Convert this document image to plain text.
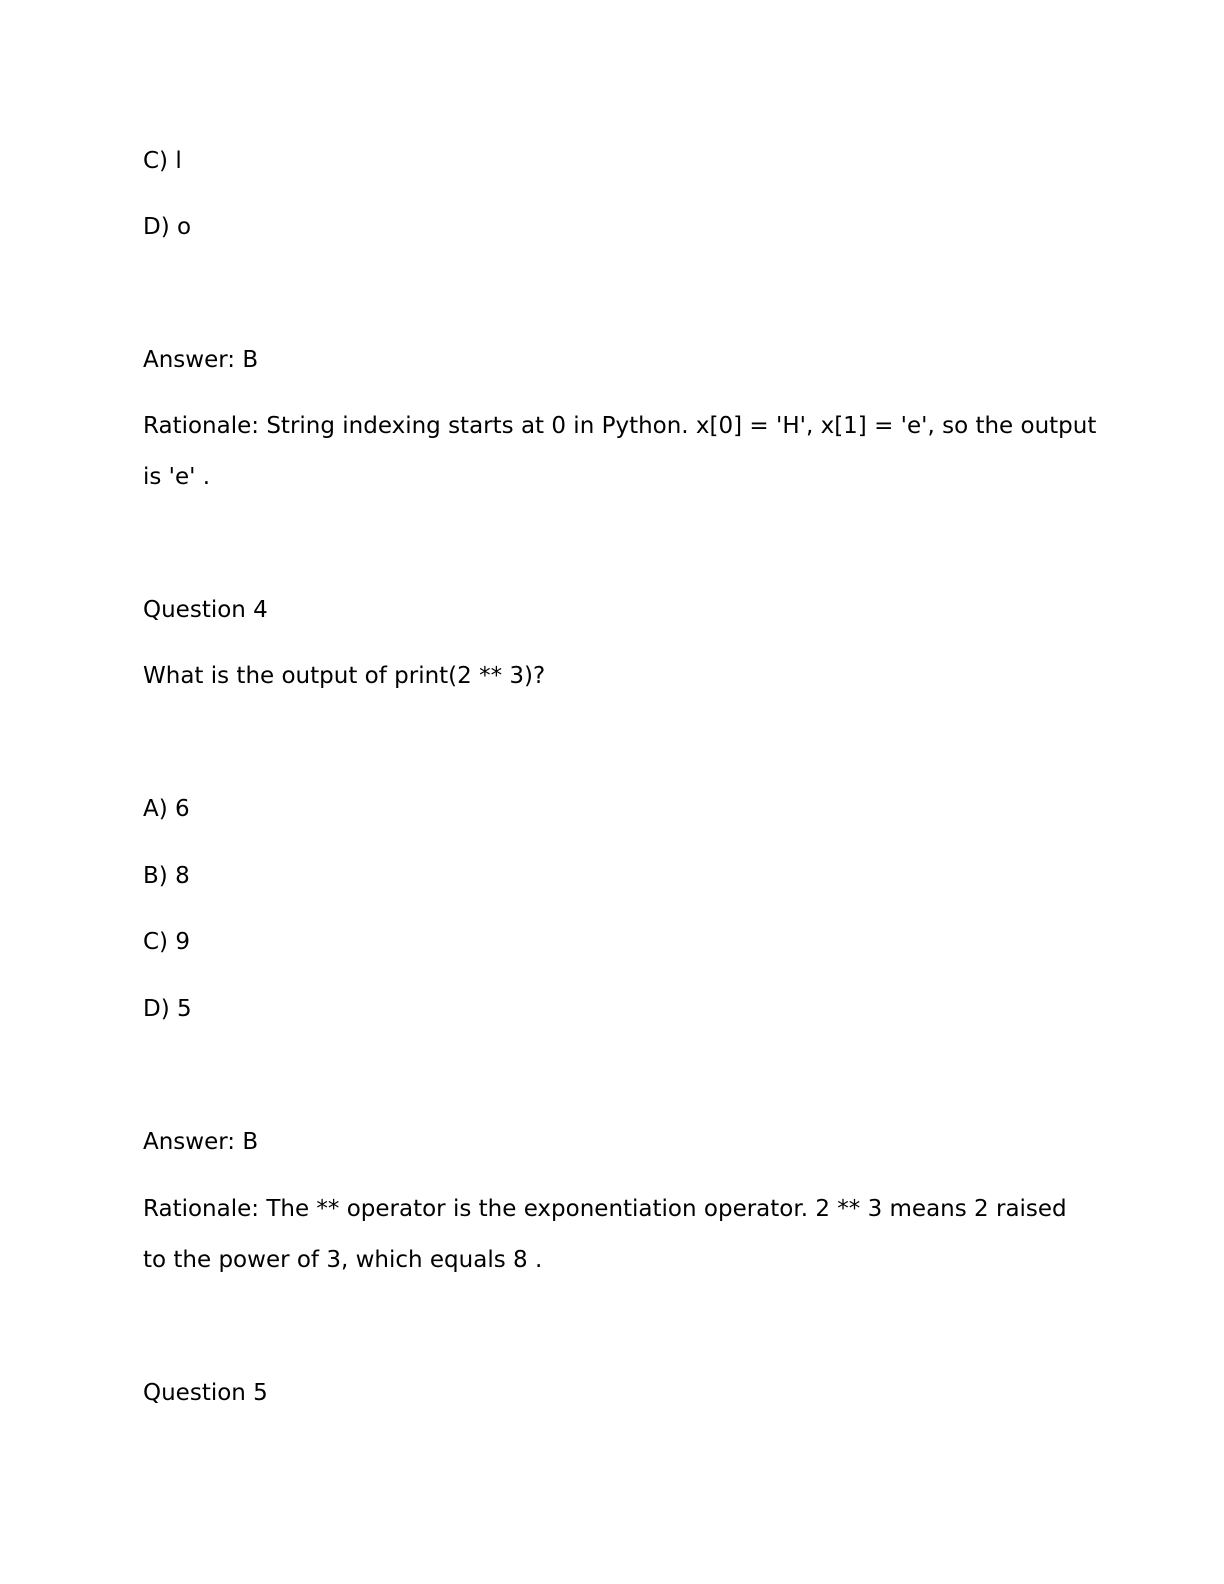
C) l
D) o
Answer: B
Rationale: String indexing starts at 0 in Python. x[0] = 'H', x[1] = 'e', so the output
is 'e' .
Question 4
What is the output of print(2 ** 3)?
A) 6
B) 8
C) 9
D) 5
Answer: B
Rationale: The ** operator is the exponentiation operator. 2 ** 3 means 2 raised
to the power of 3, which equals 8 .
Question 5
